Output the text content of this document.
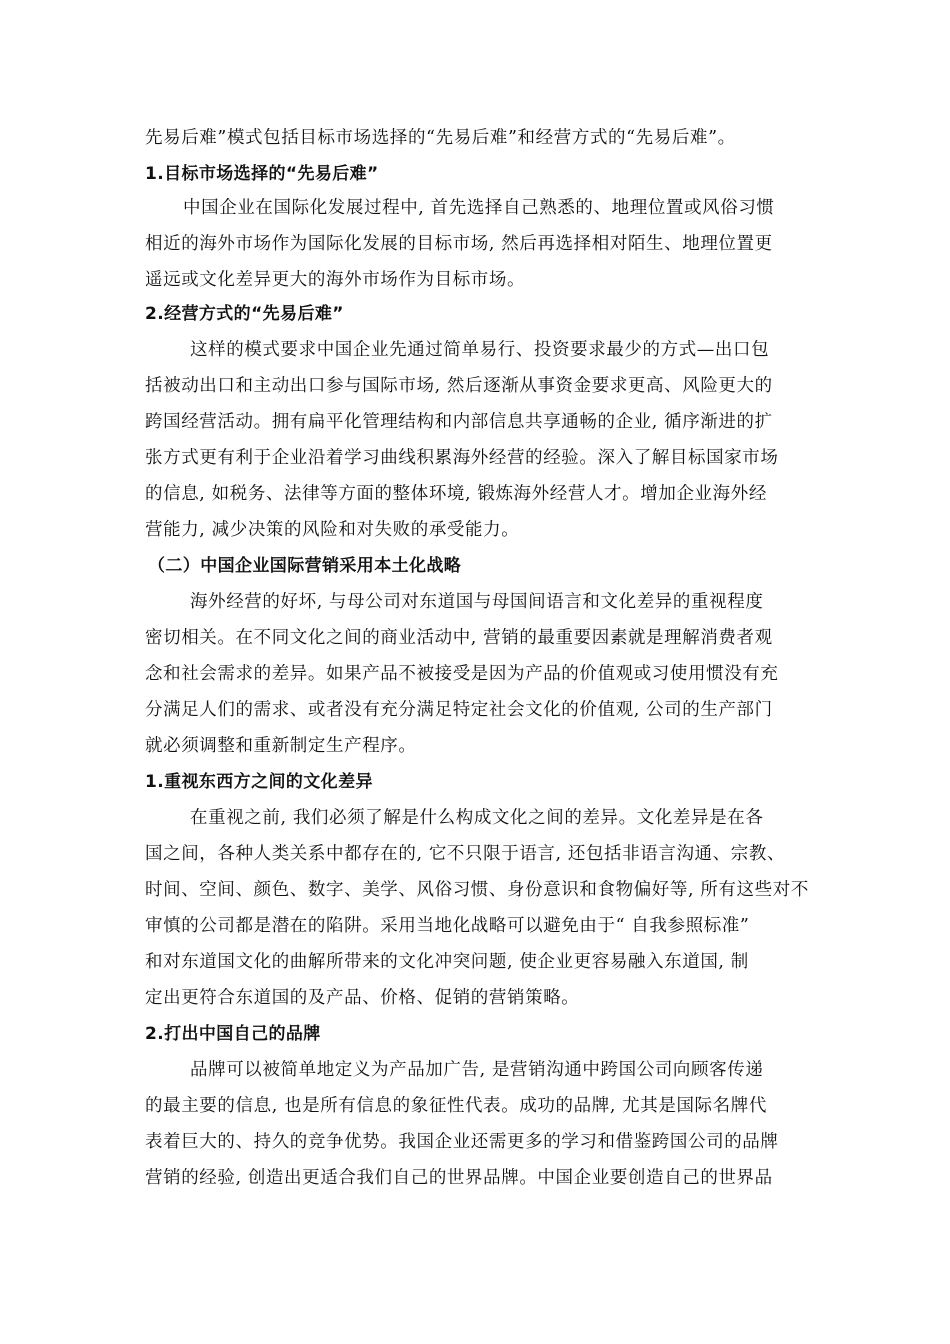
先易后难”模式包括目标市场选择的“先易后难”和经营方式的“先易后难”。
1.目标市场选择的“先易后难”
中国企业在国际化发展过程中, 首先选择自己熟悉的、地理位置或风俗习惯
相近的海外市场作为国际化发展的目标市场, 然后再选择相对陌生、地理位置更
遥远或文化差异更大的海外市场作为目标市场。
2.经营方式的“先易后难”
这样的模式要求中国企业先通过简单易行、投资要求最少的方式—出口包
括被动出口和主动出口参与国际市场, 然后逐渐从事资金要求更高、风险更大的
跨国经营活动。拥有扁平化管理结构和内部信息共享通畅的企业, 循序渐进的扩
张方式更有利于企业沿着学习曲线积累海外经营的经验。深入了解目标国家市场
的信息, 如税务、法律等方面的整体环境, 锻炼海外经营人才。增加企业海外经
营能力, 减少决策的风险和对失败的承受能力。
（二）中国企业国际营销采用本土化战略
海外经营的好坏, 与母公司对东道国与母国间语言和文化差异的重视程度
密切相关。在不同文化之间的商业活动中, 营销的最重要因素就是理解消费者观
念和社会需求的差异。如果产品不被接受是因为产品的价值观或习使用惯没有充
分满足人们的需求、或者没有充分满足特定社会文化的价值观, 公司的生产部门
就必须调整和重新制定生产程序。
1.重视东西方之间的文化差异
在重视之前, 我们必须了解是什么构成文化之间的差异。文化差异是在各
国之间，各种人类关系中都存在的, 它不只限于语言, 还包括非语言沟通、宗教、
时间、空间、颜色、数字、美学、风俗习惯、身份意识和食物偏好等, 所有这些对不
审慎的公司都是潜在的陷阱。采用当地化战略可以避免由于“ 自我参照标准”
和对东道国文化的曲解所带来的文化冲突问题, 使企业更容易融入东道国, 制
定出更符合东道国的及产品、价格、促销的营销策略。
2.打出中国自己的品牌
品牌可以被简单地定义为产品加广告, 是营销沟通中跨国公司向顾客传递
的最主要的信息, 也是所有信息的象征性代表。成功的品牌, 尤其是国际名牌代
表着巨大的、持久的竞争优势。我国企业还需更多的学习和借鉴跨国公司的品牌
营销的经验, 创造出更适合我们自己的世界品牌。中国企业要创造自己的世界品
